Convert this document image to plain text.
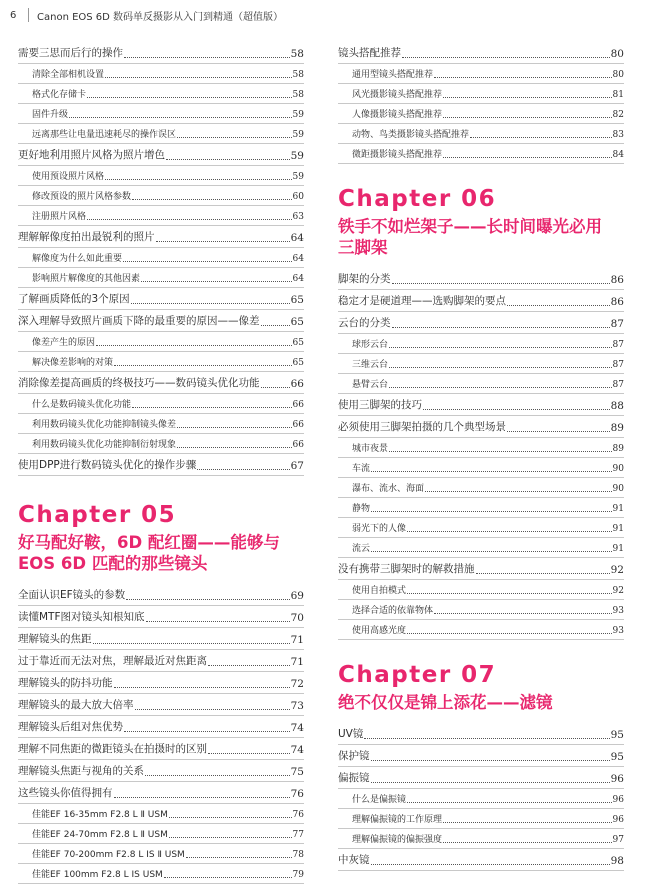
6	Canon EOS 6D 数码单反摄影从入门到精通（超值版）
需要三思而后行的操作	58
清除全部相机设置	58
格式化存储卡	58
固件升级	59
远离那些让电量迅速耗尽的操作误区	59
更好地利用照片风格为照片增色	59
使用预设照片风格	59
修改预设的照片风格参数	60
注册照片风格	63
理解解像度拍出最锐利的照片	64
解像度为什么如此重要	64
影响照片解像度的其他因素	64
了解画质降低的3个原因	65
深入理解导致照片画质下降的最重要的原因——像差	65
像差产生的原因	65
解决像差影响的对策	65
消除像差提高画质的终极技巧——数码镜头优化功能	66
什么是数码镜头优化功能	66
利用数码镜头优化功能抑制镜头像差	66
利用数码镜头优化功能抑制衍射现象	66
使用DPP进行数码镜头优化的操作步骤	67
Chapter 05
好马配好鞍，6D 配红圈——能够与
EOS 6D 匹配的那些镜头
全面认识EF镜头的参数	69
读懂MTF图对镜头知根知底	70
理解镜头的焦距	71
过于靠近而无法对焦，理解最近对焦距离	71
理解镜头的防抖功能	72
理解镜头的最大放大倍率	73
理解镜头后组对焦优势	74
理解不同焦距的微距镜头在拍摄时的区别	74
理解镜头焦距与视角的关系	75
这些镜头你值得拥有	76
佳能EF 16-35mm F2.8 L Ⅱ USM	76
佳能EF 24-70mm F2.8 L Ⅱ USM	77
佳能EF 70-200mm F2.8 L IS Ⅱ USM	78
佳能EF 100mm F2.8 L IS USM	79
镜头搭配推荐	80
通用型镜头搭配推荐	80
风光摄影镜头搭配推荐	81
人像摄影镜头搭配推荐	82
动物、鸟类摄影镜头搭配推荐	83
微距摄影镜头搭配推荐	84
Chapter 06
铁手不如烂架子——长时间曝光必用
三脚架
脚架的分类	86
稳定才是硬道理——选购脚架的要点	86
云台的分类	87
球形云台	87
三维云台	87
悬臂云台	87
使用三脚架的技巧	88
必须使用三脚架拍摄的几个典型场景	89
城市夜景	89
车流	90
瀑布、流水、海面	90
静物	91
弱光下的人像	91
流云	91
没有携带三脚架时的解救措施	92
使用自拍模式	92
选择合适的依靠物体	93
使用高感光度	93
Chapter 07
绝不仅仅是锦上添花——滤镜
UV镜	95
保护镜	95
偏振镜	96
什么是偏振镜	96
理解偏振镜的工作原理	96
理解偏振镜的偏振强度	97
中灰镜	98
